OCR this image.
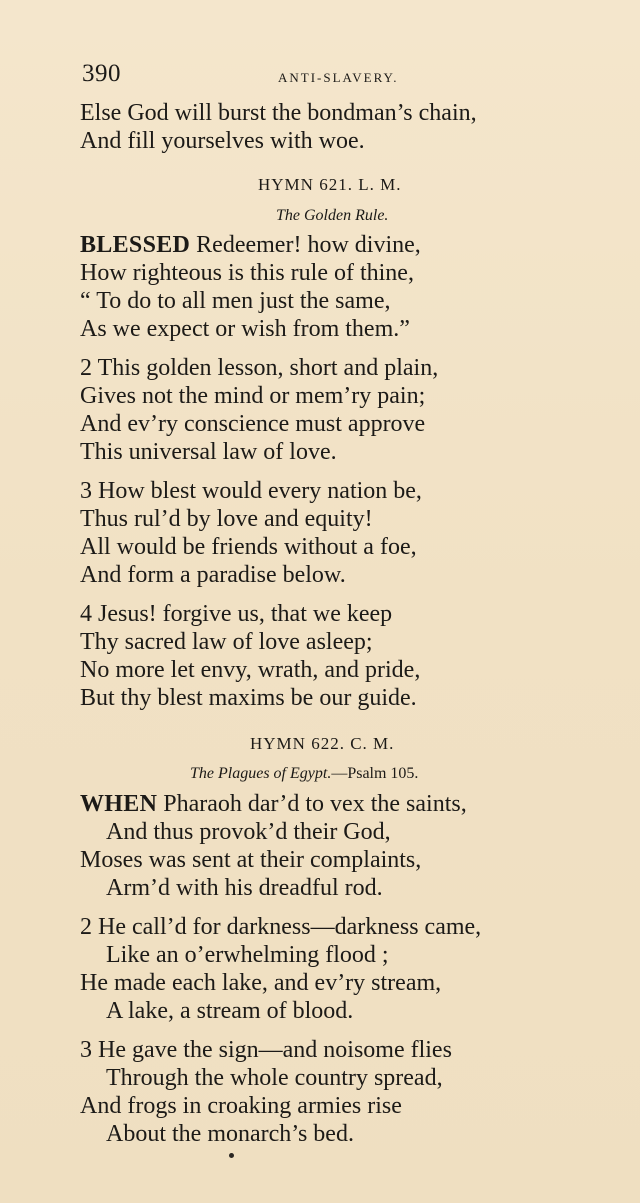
390	ANTI-SLAVERY.
Else God will burst the bondman’s chain,
And fill yourselves with woe.
HYMN 621. L. M.
The Golden Rule.
BLESSED Redeemer! how divine,
How righteous is this rule of thine,
“ To do to all men just the same,
As we expect or wish from them.”
2 This golden lesson, short and plain,
Gives not the mind or mem’ry pain;
And ev’ry conscience must approve
This universal law of love.
3 How blest would every nation be,
Thus rul’d by love and equity!
All would be friends without a foe,
And form a paradise below.
4 Jesus! forgive us, that we keep
Thy sacred law of love asleep;
No more let envy, wrath, and pride,
But thy blest maxims be our guide.
HYMN 622. C. M.
The Plagues of Egypt.—Psalm 105.
WHEN Pharaoh dar’d to vex the saints,
And thus provok’d their God,
Moses was sent at their complaints,
Arm’d with his dreadful rod.
2 He call’d for darkness—darkness came,
Like an o’erwhelming flood ;
He made each lake, and ev’ry stream,
A lake, a stream of blood.
3 He gave the sign—and noisome flies
Through the whole country spread,
And frogs in croaking armies rise
About the monarch’s bed.
